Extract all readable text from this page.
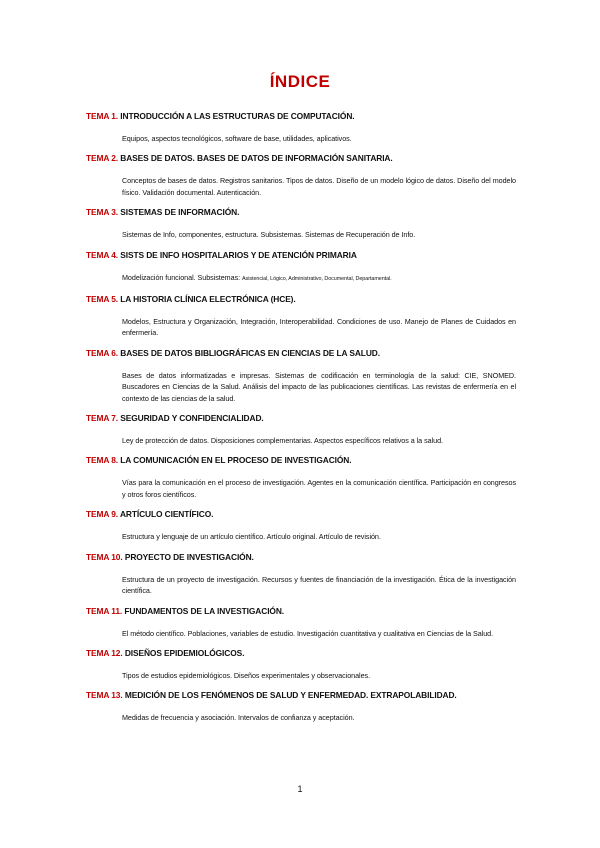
ÍNDICE
TEMA 1. INTRODUCCIÓN A LAS ESTRUCTURAS DE COMPUTACIÓN.
Equipos, aspectos tecnológicos, software de base, utilidades, aplicativos.
TEMA 2. BASES DE DATOS. BASES DE DATOS DE INFORMACIÓN SANITARIA.
Conceptos de bases de datos. Registros sanitarios. Tipos de datos. Diseño de un modelo lógico de datos. Diseño del modelo físico. Validación documental. Autenticación.
TEMA 3. SISTEMAS DE INFORMACIÓN.
Sistemas de Info, componentes, estructura. Subsistemas. Sistemas de Recuperación de Info.
TEMA 4. SISTS DE INFO HOSPITALARIOS Y DE ATENCIÓN PRIMARIA
Modelización funcional. Subsistemas: Asistencial, Lógico, Administrativo, Documental, Departamental.
TEMA 5. LA HISTORIA CLÍNICA ELECTRÓNICA (HCE).
Modelos, Estructura y Organización, Integración, Interoperabilidad. Condiciones de uso. Manejo de Planes de Cuidados en enfermería.
TEMA 6. BASES DE DATOS BIBLIOGRÁFICAS EN CIENCIAS DE LA SALUD.
Bases de datos informatizadas e impresas. Sistemas de codificación en terminología de la salud: CIE, SNOMED. Buscadores en Ciencias de la Salud. Análisis del impacto de las publicaciones científicas. Las revistas de enfermería en el contexto de las ciencias de la salud.
TEMA 7. SEGURIDAD Y CONFIDENCIALIDAD.
Ley de protección de datos. Disposiciones complementarias. Aspectos específicos relativos a la salud.
TEMA 8. LA COMUNICACIÓN EN EL PROCESO DE INVESTIGACIÓN.
Vías para la comunicación en el proceso de investigación. Agentes en la comunicación científica. Participación en congresos y otros foros científicos.
TEMA 9. ARTÍCULO CIENTÍFICO.
Estructura y lenguaje de un artículo científico. Artículo original. Artículo de revisión.
TEMA 10. PROYECTO DE INVESTIGACIÓN.
Estructura de un proyecto de investigación. Recursos y fuentes de financiación de la investigación. Ética de la investigación científica.
TEMA 11. FUNDAMENTOS DE LA INVESTIGACIÓN.
El método científico. Poblaciones, variables de estudio. Investigación cuantitativa y cualitativa en Ciencias de la Salud.
TEMA 12. DISEÑOS EPIDEMIOLÓGICOS.
Tipos de estudios epidemiológicos. Diseños experimentales y observacionales.
TEMA 13. MEDICIÓN DE LOS FENÓMENOS DE SALUD Y ENFERMEDAD. EXTRAPOLABILIDAD.
Medidas de frecuencia y asociación. Intervalos de confianza y aceptación.
1
